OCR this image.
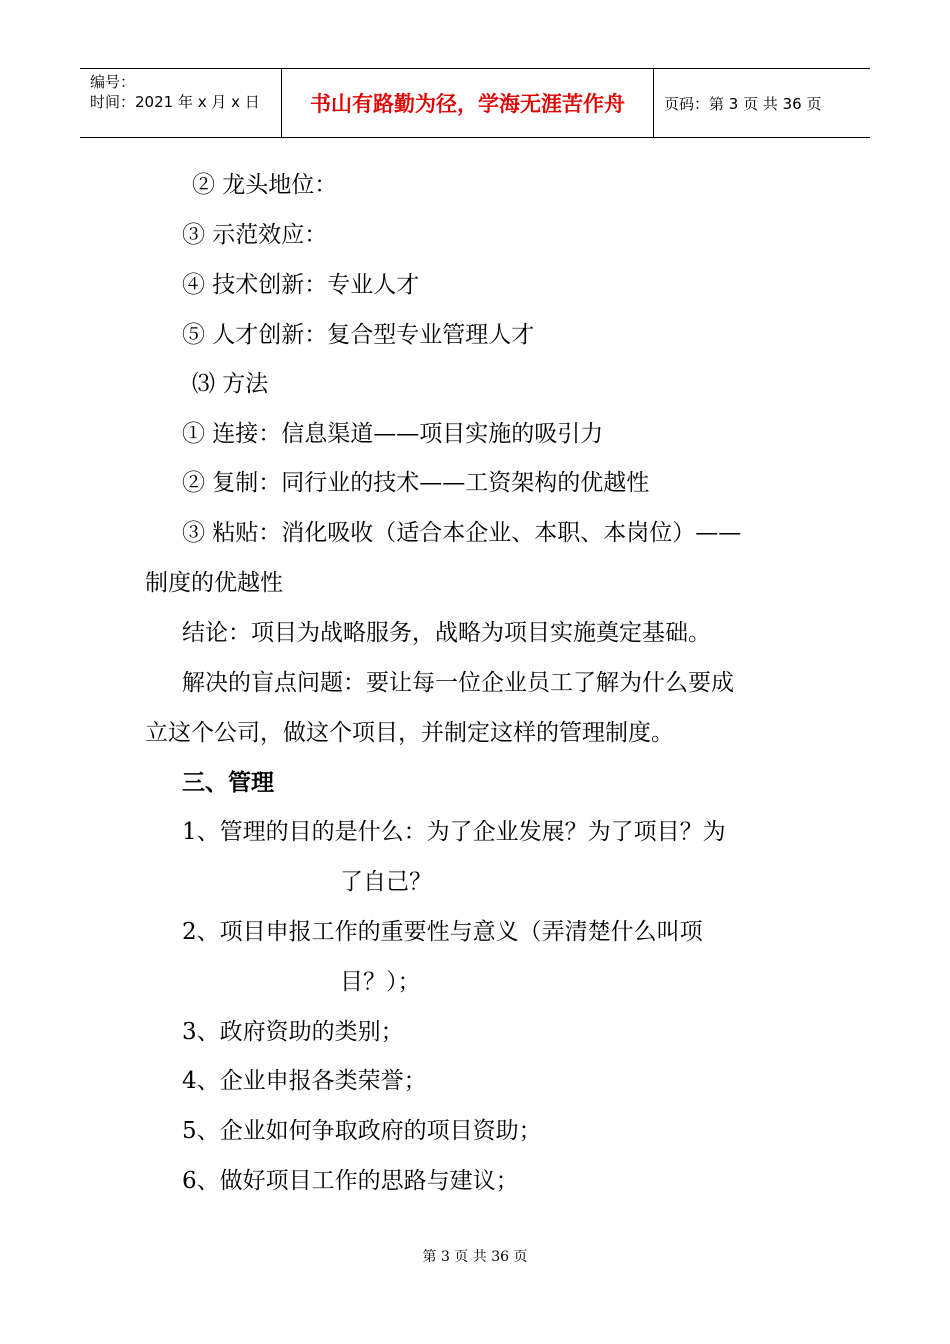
编号：
时间：2021 年 x 月 x 日	书山有路勤为径，学海无涯苦作舟	页码：第 3 页 共 36 页
② 龙头地位：
③ 示范效应：
④ 技术创新：专业人才
⑤ 人才创新：复合型专业管理人才
⑶ 方法
① 连接：信息渠道——项目实施的吸引力
② 复制：同行业的技术——工资架构的优越性
③ 粘贴：消化吸收（适合本企业、本职、本岗位）——
制度的优越性
结论：项目为战略服务，战略为项目实施奠定基础。
解决的盲点问题：要让每一位企业员工了解为什么要成
立这个公司，做这个项目，并制定这样的管理制度。
三、管理
1、管理的目的是什么：为了企业发展？为了项目？为
了自己？
2、项目申报工作的重要性与意义（弄清楚什么叫项
目？）；
3、政府资助的类别；
4、企业申报各类荣誉；
5、企业如何争取政府的项目资助；
6、做好项目工作的思路与建议；
第 3 页 共 36 页
